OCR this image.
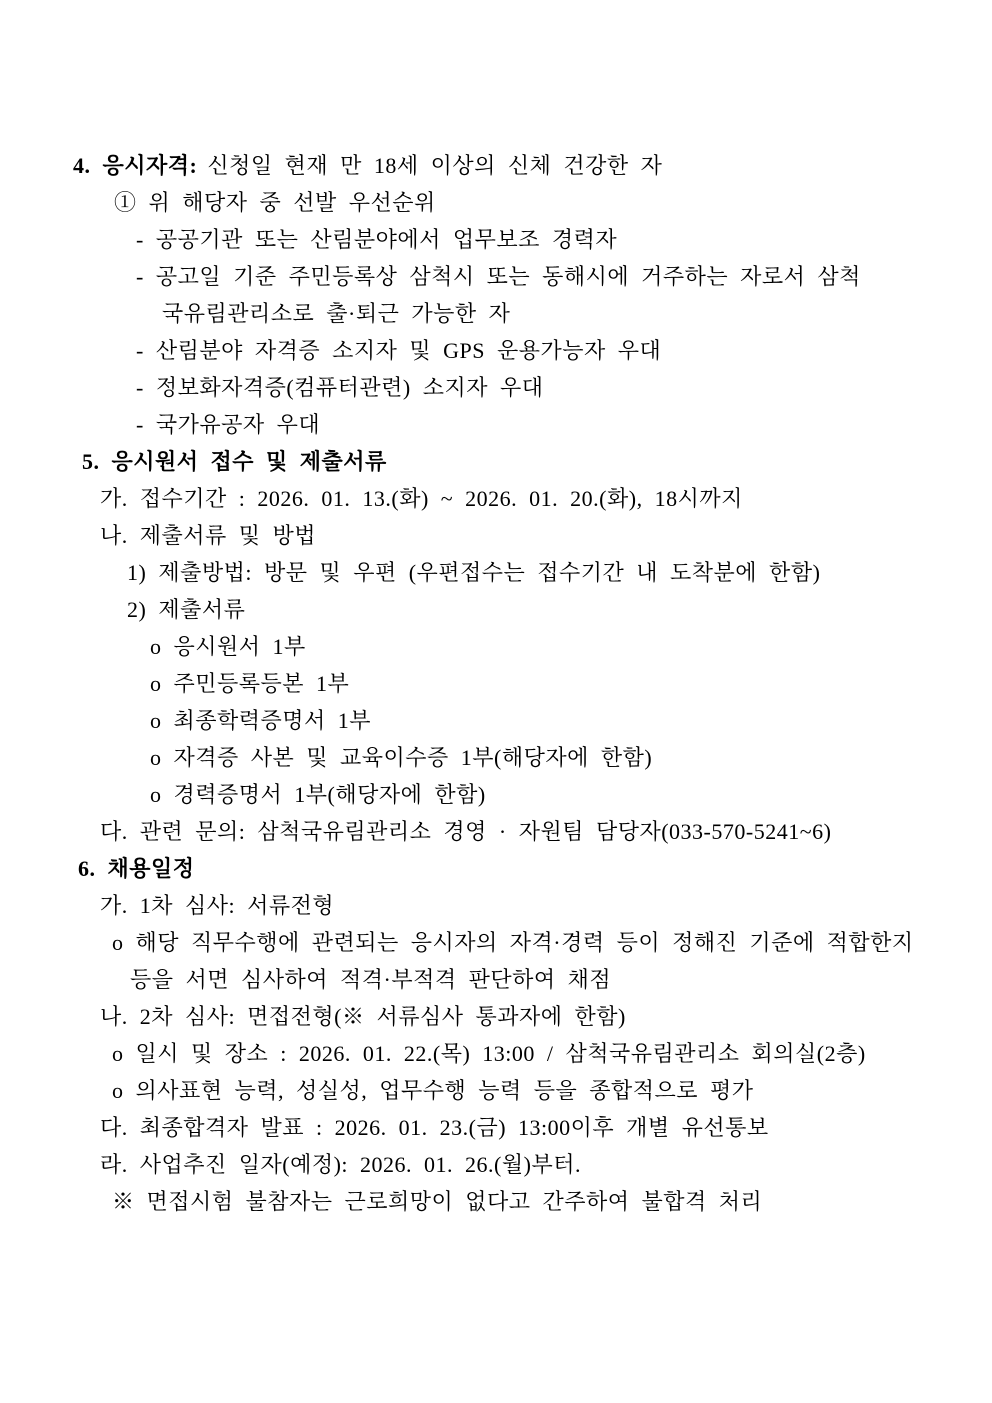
4. 응시자격: 신청일 현재 만 18세 이상의 신체 건강한 자

① 위 해당자 중 선발 우선순위

- 공공기관 또는 산림분야에서 업무보조 경력자

- 공고일 기준 주민등록상 삼척시 또는 동해시에 거주하는 자로서 삼척

국유림관리소로 출·퇴근 가능한 자

- 산림분야 자격증 소지자 및 GPS 운용가능자 우대

- 정보화자격증(컴퓨터관련) 소지자 우대

- 국가유공자 우대

5. 응시원서 접수 및 제출서류

가. 접수기간 : 2026. 01. 13.(화) ~ 2026. 01. 20.(화), 18시까지

나. 제출서류 및 방법

1) 제출방법: 방문 및 우편 (우편접수는 접수기간 내 도착분에 한함)

2) 제출서류

o 응시원서 1부

o 주민등록등본 1부

o 최종학력증명서 1부

o 자격증 사본 및 교육이수증 1부(해당자에 한함)

o 경력증명서 1부(해당자에 한함)

다. 관련 문의: 삼척국유림관리소 경영 · 자원팀 담당자(033-570-5241~6)

6. 채용일정

가. 1차 심사: 서류전형

o 해당 직무수행에 관련되는 응시자의 자격·경력 등이 정해진 기준에 적합한지

등을 서면 심사하여 적격·부적격 판단하여 채점

나. 2차 심사: 면접전형(※ 서류심사 통과자에 한함)

o 일시 및 장소 : 2026. 01. 22.(목) 13:00 / 삼척국유림관리소 회의실(2층)

o 의사표현 능력, 성실성, 업무수행 능력 등을 종합적으로 평가

다. 최종합격자 발표 : 2026. 01. 23.(금) 13:00이후 개별 유선통보

라. 사업추진 일자(예정): 2026. 01. 26.(월)부터.

※ 면접시험 불참자는 근로희망이 없다고 간주하여 불합격 처리
